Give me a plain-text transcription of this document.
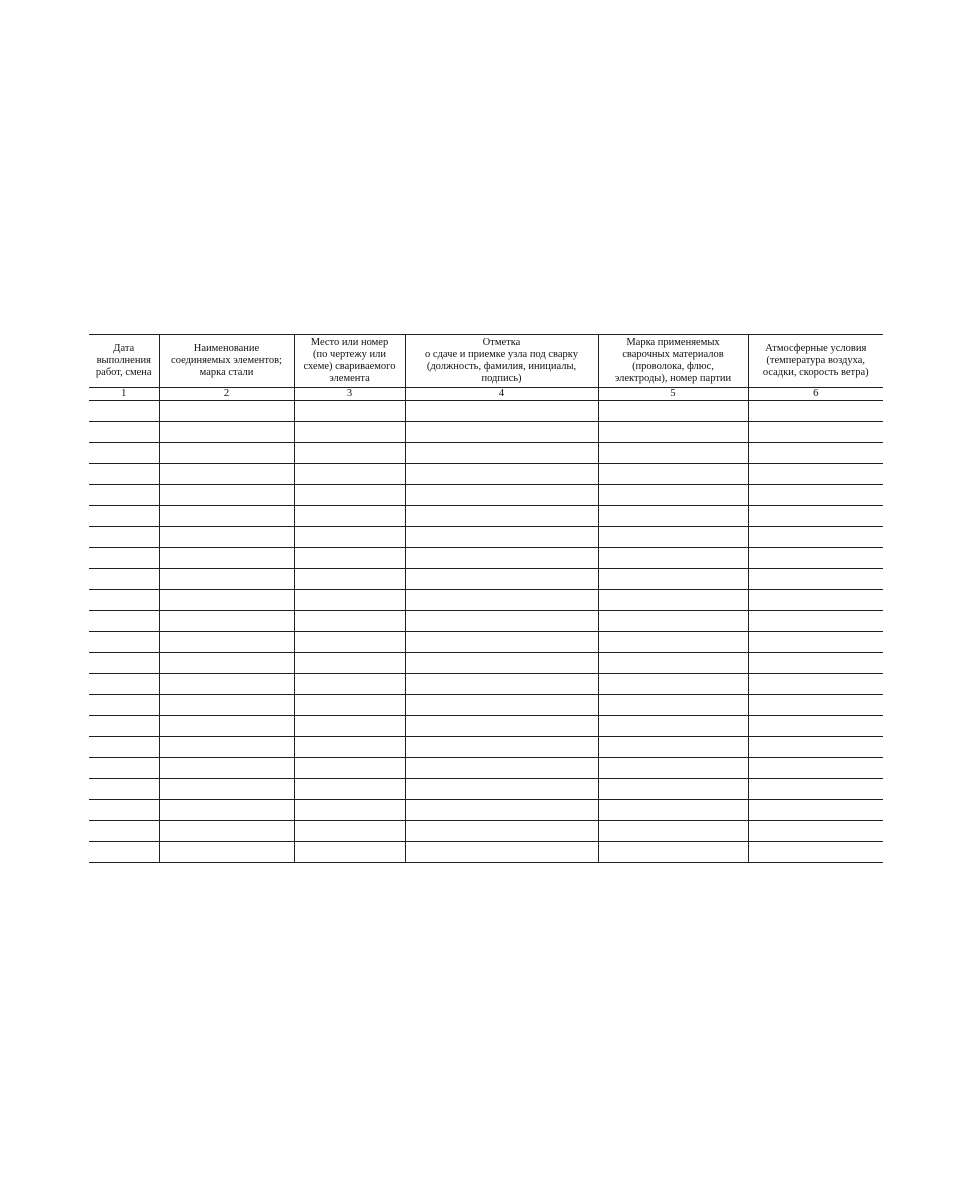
Дата
выполнения
работ, смена	Наименование
соединяемых элементов;
марка стали	Место или номер
(по чертежу или
схеме) свариваемого
элемента	Отметка
о сдаче и приемке узла под сварку
(должность, фамилия, инициалы,
подпись)	Марка применяемых
сварочных материалов
(проволока, флюс,
электроды), номер партии	Атмосферные условия
(температура воздуха,
осадки, скорость ветра)
1	2	3	4	5	6
